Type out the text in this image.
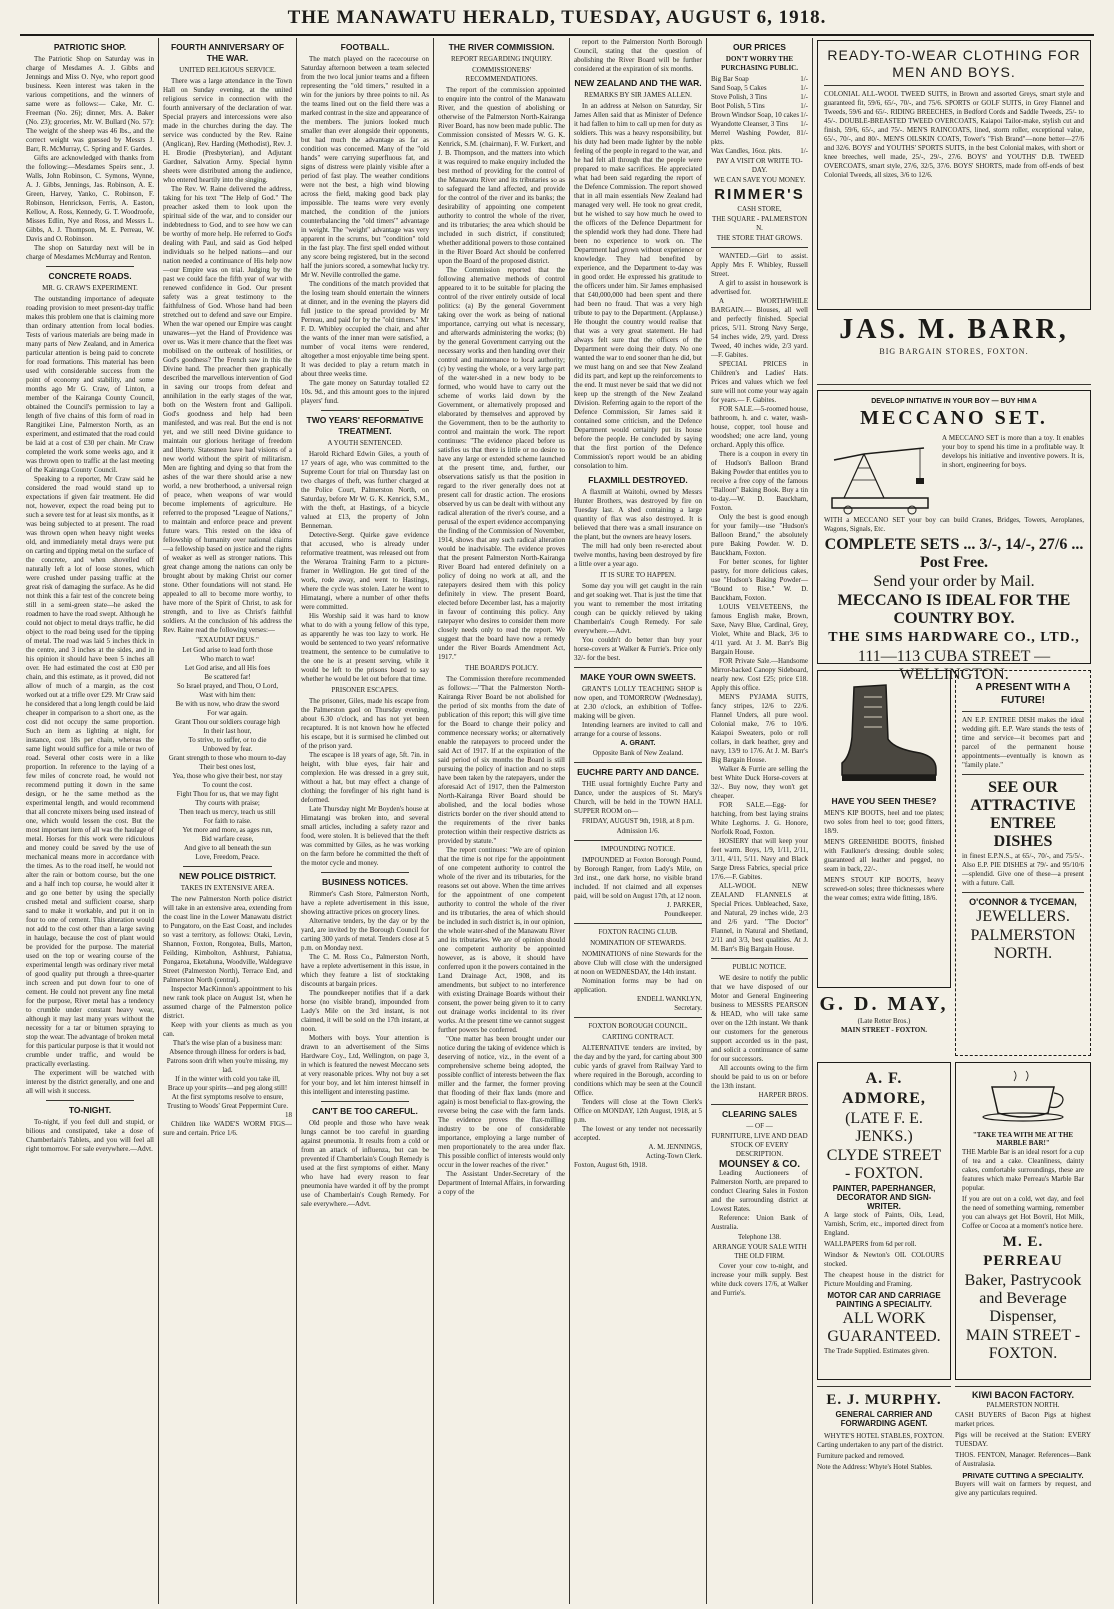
THE MANAWATU HERALD, TUESDAY, AUGUST 6, 1918.
PATRIOTIC SHOP.

The Patriotic Shop on Saturday was in charge of Mesdames A. J. Gibbs and Jennings and Miss O. Nye, who report good business. Keen interest was taken in the various competitions, and the winners of same were as follows:— Cake, Mr. C. Freeman (No. 26); dinner, Mrs. A. Baker (No. 23); groceries, Mr. W. Bullard (No. 57): The weight of the sheep was 46 lbs., and the correct weight was guessed by Messrs J. Barr, R. McMurray, C. Spring and F. Gardes.

Gifts are acknowledged with thanks from the following:—Mesdames Speirs senr., J. Walls, John Robinson, C. Symons, Wynne, A. J. Gibbs, Jennings, Jas. Robinson, A. E. Green, Harvey, Yanko, C. Robinson, F. Robinson, Henrickson, Ferris, A. Easton, Kellow, A. Ross, Kennedy, G. T. Woodroofe, Misses Edlin, Nye and Ross, and Messrs L. Gibbs, A. J. Thompson, M. E. Perreau, W. Davis and O. Robinson.

The shop on Saturday next will be in charge of Mesdames McMurray and Renton.

CONCRETE ROADS.
MR. G. CRAW'S EXPERIMENT.

The outstanding importance of adequate roading provision to meet present-day traffic makes this problem one that is claiming more than ordinary attention from local bodies. Tests of various materials are being made in many parts of New Zealand, and in America particular attention is being paid to concrete for road formations. This material has been used with considerable success from the point of economy and stability, and some months ago Mr G. Craw, of Linton, a member of the Kairanga County Council, obtained the Council's permission to lay a length of five chains of this form of road in Rangitikei Line, Palmerston North, as an experiment, and estimated that the road could be laid at a cost of £30 per chain. Mr Craw completed the work some weeks ago, and it was thrown open to traffic at the last meeting of the Kairanga County Council.

Speaking to a reporter, Mr Craw said he considered the road would stand up to expectations if given fair treatment. He did not, however, expect the road being put to such a severe test for at least six months, as it was being subjected to at present. The road was thrown open when heavy night weeks old, and immediately metal drays were put on carting and tipping metal on the surface of the concrete, and when shovelled off naturally left a lot of loose stones, which were crushed under passing traffic at the great risk of damaging the surface. As he did not think this a fair test of the concrete being still in a semi-green state—he asked the roadmen to have the road swept. Although he could not object to metal drays traffic, he did object to the road being used for the tipping of metal. The road was laid 5 inches thick in the centre, and 3 inches at the sides, and in his opinion it should have been 5 inches all over. He had estimated the cost at £30 per chain, and this estimate, as it proved, did not allow of much of a margin, as the cost worked out at a trifle over £29. Mr Craw said he considered that a long length could be laid cheaper in comparison to a short one, as the cost did not occupy the same proportion. Such an item as lighting at night, for instance, cost 18s per chain, whereas the same light would suffice for a mile or two of road. Several other costs were in a like proportion. In reference to the laying of a few miles of concrete road, he would not recommend putting it down in the same design, or he the same method as the experimental length, and would recommend that all concrete mixers being used instead of one, which would lessen the cost. But the most important item of all was the haulage of metal. Horses for this work were ridiculous and money could be saved by the use of mechanical means more in accordance with the times. As to the road itself, he would not alter the rain or bottom course, but the one and a half inch top course, he would alter it and go one better by using the specially crushed metal and sufficient coarse, sharp sand to make it workable, and put it on in four to one of cement. This alteration would not add to the cost other than a large saving in haulage, because the cost of plant would be provided for the purpose. The material used on the top or wearing course of the experimental length was ordinary river metal of good quality put through a three-quarter inch screen and put down four to one of cement. He could not prevent any fine metal for the purpose, River metal has a tendency to crumble under constant heavy wear, although it may last many years without the necessity for a tar or bitumen spraying to stop the wear. The advantage of broken metal for this particular purpose is that it would not crumble under traffic, and would be practically everlasting.

The experiment will be watched with interest by the district generally, and one and all will wish it success.

TO-NIGHT.

To-night, if you feel dull and stupid, or bilious and constipated, take a dose of Chamberlain's Tablets, and you will feel all right tomorrow. For sale everywhere.—Advt.

FOURTH ANNIVERSARY OF THE WAR.
UNITED RELIGIOUS SERVICE.

There was a large attendance in the Town Hall on Sunday evening, at the united religious service in connection with the fourth anniversary of the declaration of war. Special prayers and intercessions were also made in the churches during the day. The service was conducted by the Rev. Raine (Anglican), Rev. Harding (Methodist), Rev. J. H. Brodie (Presbyterian), and Adjutant Gardner, Salvation Army. Special hymn sheets were distributed among the audience, who entered heartily into the singing.

The Rev. W. Raine delivered the address, taking for his text "The Help of God." The preacher asked them to look upon the spiritual side of the war, and to consider our indebtedness to God, and to see how we can be worthy of more help. He referred to God's dealing with Paul, and said as God helped individuals so he helped nations—and our nation needed a continuance of His help now—our Empire was on trial. Judging by the past we could face the fifth year of war with renewed confidence in God. Our present safety was a great testimony to the faithfulness of God. Whose hand had been stretched out to defend and save our Empire. When the war opened our Empire was caught unawares—yet the Hand of Providence was over us. Was it mere chance that the fleet was mobilised on the outbreak of hostilities, or God's goodness? The French saw in this the Divine hand. The preacher then graphically described the marvellous intervention of God in saving our troops from defeat and annihilation in the early stages of the war, both on the Western front and Gallipoli. God's goodness and help had been manifested, and was real. But the end is not yet, and we still need Divine guidance to maintain our glorious heritage of freedom and liberty. Statesmen have had visions of a new world without the spirit of militarism. Men are fighting and dying so that from the ashes of the war there should arise a new world, a new brotherhood, a universal reign of peace, when weapons of war would become implements of agriculture. He referred to the proposed "League of Nations," to maintain and enforce peace and prevent future wars. This rested on the idea of fellowship of humanity over national claims—a fellowship based on justice and the rights of weaker as well as stronger nations. This great change among the nations can only be brought about by making Christ our corner stone. Other foundations will not stand. He appealed to all to become more worthy, to have more of the Spirit of Christ, to ask for strength, and to live as Christ's faithful soldiers. At the conclusion of his address the Rev. Raine read the following verses:—

"EXAUDIAT DEUS."

Let God arise to lead forth those

Who march to war!

Let God arise, and all His foes

Be scattered far!

So Israel prayed, and Thou, O Lord,

Wast with him then:

Be with us now, who draw the sword

For war again.

Grant Thou our soldiers courage high

In their last hour,

To strive, to suffer, or to die

Unbowed by fear.

Grant strength to those who mourn to-day

Their best ones lost,

Yea, those who give their best, nor stay

To count the cost.

Fight Thou for us, that we may fight

Thy courts with praise;

Then teach us mercy, teach us still

For faith to raise.

Yet more and more, as ages run,

Bid warfare cease,

And give to all beneath the sun

Love, Freedom, Peace.

NEW POLICE DISTRICT.
TAKES IN EXTENSIVE AREA.

The new Palmerston North police district will take in an extensive area, extending from the coast line in the Lower Manawatu district to Pungatoro, on the East Coast, and includes so vast a territory, as follows: Otaki, Levin, Shannon, Foxton, Rongotea, Bulls, Marton, Feilding, Kimbolton, Ashhurst, Pahiatua, Pongaroa, Eketahuna, Woodville, Waldegrave Street (Palmerston North), Terrace End, and Palmerston North (central).

Inspector MacKinnon's appointment to his new rank took place on August 1st, when he assumed charge of the Palmerston police district.

Keep with your clients as much as you can.

That's the wise plan of a business man:

Absence through illness for orders is bad,

Patrons soon drift when you're missing, my lad.

If in the winter with cold you take ill,

Brace up your spirits—and peg along still!

At the first symptoms resolve to ensure,

Trusting to Woods' Great Peppermint Cure.

18

Children like WADE'S WORM FIGS—sure and certain. Price 1/6.

FOOTBALL.

The match played on the racecourse on Saturday afternoon between a team selected from the two local junior teams and a fifteen representing the "old timers," resulted in a win for the juniors by three points to nil. As the teams lined out on the field there was a marked contrast in the size and appearance of the members. The juniors looked much smaller than ever alongside their opponents, but had much the advantage as far as condition was concerned. Many of the "old hands" were carrying superfluous fat, and signs of distress were plainly visible after a period of fast play. The weather conditions were not the best, a high wind blowing across the field, making good back play impossible. The teams were very evenly matched, the condition of the juniors counterbalancing the "old timers'" advantage in weight. The "weight" advantage was very apparent in the scrums, but "condition" told in the fast play. The first spell ended without any score being registered, but in the second half the juniors scored, a somewhat lucky try. Mr W. Neville controlled the game.

The conditions of the match provided that the losing team should entertain the winners at dinner, and in the evening the players did full justice to the spread provided by Mr Perreau, and paid for by the "old timers." Mr F. D. Whibley occupied the chair, and after the wants of the inner man were satisfied, a number of vocal items were rendered, altogether a most enjoyable time being spent. It was decided to play a return match in about three weeks time.

The gate money on Saturday totalled £2 10s. 9d., and this amount goes to the injured players' fund.

TWO YEARS' REFORMATIVE TREATMENT.
A YOUTH SENTENCED.

Harold Richard Edwin Giles, a youth of 17 years of age, who was committed to the Supreme Court for trial on Thursday last on two charges of theft, was further charged at the Police Court, Palmerston North, on Saturday, before Mr W. G. K. Kenrick, S.M., with the theft, at Hastings, of a bicycle valued at £13, the property of John Benneman.

Detective-Sergt. Quirke gave evidence that accused, who is already under reformative treatment, was released out from the Weraroa Training Farm to a picture-framer in Wellington. He got tired of the work, rode away, and went to Hastings, where the cycle was stolen. Later he went to Himatangi, where a number of other thefts were committed.

His Worship said it was hard to know what to do with a young fellow of this type, as apparently he was too lazy to work. He would be sentenced to two years' reformative treatment, the sentence to be cumulative to the one he is at present serving, while it would be left to the prisons board to say whether he would be let out before that time.

PRISONER ESCAPES.

The prisoner, Giles, made his escape from the Palmerston gaol on Thursday evening, about 6.30 o'clock, and has not yet been recaptured. It is not known how he effected his escape, but it is surmised he climbed out of the prison yard.

The escapee is 18 years of age, 5ft. 7in. in height, with blue eyes, fair hair and complexion. He was dressed in a grey suit, without a hat, but may effect a change of clothing; the forefinger of his right hand is deformed.

Late Thursday night Mr Boyden's house at Himatangi was broken into, and several small articles, including a safety razor and food, were stolen. It is believed that the theft was committed by Giles, as he was working on the farm before he committed the theft of the motor cycle and money.

BUSINESS NOTICES.

Rimmer's Cash Store, Palmerston North, have a replete advertisement in this issue, showing attractive prices on grocery lines.

Alternative tenders, by the day or by the yard, are invited by the Borough Council for carting 300 yards of metal. Tenders close at 5 p.m. on Monday next.

The C. M. Ross Co., Palmerston North, have a replete advertisement in this issue, in which they feature a list of stocktaking discounts at bargain prices.

The poundkeeper notifies that if a dark horse (no visible brand), impounded from Lady's Mile on the 3rd instant, is not claimed, it will be sold on the 17th instant, at noon.

Mothers with boys. Your attention is drawn to an advertisement of the Sims Hardware Coy., Ltd, Wellington, on page 3, in which is featured the newest Meccano sets at very reasonable prices. Why not buy a set for your boy, and let him interest himself in this intelligent and interesting pastime.

CAN'T BE TOO CAREFUL.

Old people and those who have weak lungs cannot be too careful in guarding against pneumonia. It results from a cold or from an attack of influenza, but can be prevented if Chamberlain's Cough Remedy is used at the first symptoms of either. Many who have had every reason to fear pneumonia have warded it off by the prompt use of Chamberlain's Cough Remedy. For sale everywhere.—Advt.

THE RIVER COMMISSION.
REPORT REGARDING INQUIRY.
COMMISSIONERS' RECOMMENDATIONS.

The report of the commission appointed to enquire into the control of the Manawatu River, and the question of abolishing or otherwise of the Palmerston North-Kairanga River Board, has now been made public. The Commission consisted of Messrs W. G. K. Kenrick, S.M. (chairman), F. W. Furkert, and J. B. Thompson, and the matters into which it was required to make enquiry included the best method of providing for the control of the Manawatu River and its tributaries so as to safeguard the land affected, and provide for the control of the river and its banks; the desirability of appointing one competent authority to control the whole of the river, and its tributaries; the area which should be included in such district, if constituted; whether additional powers to those contained in the River Board Act should be conferred upon the Board of the proposed district.

The Commission reported that the following alternative methods of control appeared to it to be suitable for placing the control of the river entirely outside of local politics: (a) By the general Government taking over the work as being of national importance, carrying out what is necessary, and afterwards administering the works; (b) by the general Government carrying out the necessary works and then handing over their control and maintenance to local authority; (c) by vesting the whole, or a very large part of the water-shed in a new body to be formed, who would have to carry out the scheme of works laid down by the Government, or alternatively proposed and elaborated by themselves and approved by the Government, then to be the authority to control and maintain the work. The report continues: "The evidence placed before us satisfies us that there is little or no desire to have any large or extended scheme launched at the present time, and, further, our observations satisfy us that the position in regard to the river generally does not at present call for drastic action. The erosions observed by us can be dealt with without any radical alteration of the river's course, and a perusal of the expert evidence accompanying the finding of the Commission of November, 1914, shows that any such radical alteration would be inadvisable. The evidence proves that the present Palmerston North-Kairanga River Board had entered definitely on a policy of doing no work at all, and the ratepayers desired them with this policy definitely in view. The present Board, elected before December last, has a majority in favour of continuing this policy. Any ratepayer who desires to consider them more closely needs only to read the report. We suggest that the board have now a remedy under the River Boards Amendment Act, 1917."

THE BOARD'S POLICY.

The Commission therefore recommended as follows:—"That the Palmerston North-Kairanga River Board be not abolished for the period of six months from the date of publication of this report; this will give time for the Board to change their policy and commence necessary works; or alternatively enable the ratepayers to proceed under the said Act of 1917. If at the expiration of the said period of six months the Board is still pursuing the policy of inaction and no steps have been taken by the ratepayers, under the aforesaid Act of 1917, then the Palmerston North-Kairanga River Board should be abolished, and the local bodies whose districts border on the river should attend to the requirements of the river banks protection within their respective districts as provided by statute."

The report continues: "We are of opinion that the time is not ripe for the appointment of one competent authority to control the whole of the river and its tributaries, for the reasons set out above. When the time arrives for the appointment of one competent authority to control the whole of the river and its tributaries, the area of which should be included in such district is, in our opinion, the whole water-shed of the Manawatu River and its tributaries. We are of opinion should one competent authority be appointed however, as is above, it should have conferred upon it the powers contained in the Land Drainage Act, 1908, and its amendments, but subject to no interference with existing Drainage Boards without their consent, the power being given to it to carry out drainage works incidental to its river works. At the present time we cannot suggest further powers be conferred.

"One matter has been brought under our notice during the taking of evidence which is deserving of notice, viz., in the event of a comprehensive scheme being adopted, the possible conflict of interests between the flax miller and the farmer, the former proving that flooding of their flax lands (more and again) is most beneficial to flax-growing, the reverse being the case with the farm lands. The evidence proves the flax-milling industry to be one of considerable importance, employing a large number of men proportionately to the area under flax. This possible conflict of interests would only occur in the lower reaches of the river."

The Assistant Under-Secretary of the Department of Internal Affairs, in forwarding a copy of the

report to the Palmerston North Borough Council, stating that the question of abolishing the River Board will be further considered at the expiration of six months.

NEW ZEALAND AND THE WAR.
REMARKS BY SIR JAMES ALLEN.

In an address at Nelson on Saturday, Sir James Allen said that as Minister of Defence it had fallen to him to call up men for duty as soldiers. This was a heavy responsibility, but his duty had been made lighter by the noble feeling of the people in regard to the war, and he had felt all through that the people were prepared to make sacrifices. He appreciated what had been said regarding the report of the Defence Commission. The report showed that in all main essentials New Zealand had managed very well. He took no great credit, but he wished to say how much he owed to the officers of the Defence Department for the splendid work they had done. There had been no experience to work on. The Department had grown without experience or knowledge. They had benefited by experience, and the Department to-day was in good order. He expressed his gratitude to the officers under him. Sir James emphasised that £40,000,000 had been spent and there had been no fraud. That was a very high tribute to pay to the Department. (Applause.) He thought the country would realise that that was a very great statement. He had always felt sure that the officers of the Department were doing their duty. No one wanted the war to end sooner than he did, but we must hang on and see that New Zealand did its part, and kept up the reinforcements to the end. It must never be said that we did not keep up the strength of the New Zealand Division. Referring again to the report of the Defence Commission, Sir James said it contained some criticism, and the Defence Department would certainly put its house before the people. He concluded by saying that the first portion of the Defence Commission's report would be an abiding consolation to him.

FLAXMILL DESTROYED.

A flaxmill at Waitohi, owned by Messrs Hunter Brothers, was destroyed by fire on Tuesday last. A shed containing a large quantity of flax was also destroyed. It is believed that there was a small insurance on the plant, but the owners are heavy losers.

The mill had only been re-erected about twelve months, having been destroyed by fire a little over a year ago.

IT IS SURE TO HAPPEN.

Some day you will get caught in the rain and get soaking wet. That is just the time that you want to remember the most irritating cough can be quickly relieved by taking Chamberlain's Cough Remedy. For sale everywhere.—Advt.

You couldn't do better than buy your horse-covers at Walker & Furrie's. Price only 32/- for the best.

MAKE YOUR OWN SWEETS.

GRANT'S LOLLY TEACHING SHOP is now open, and TOMORROW (Wednesday), at 2.30 o'clock, an exhibition of Toffee-making will be given.

Intending learners are invited to call and arrange for a course of lessons.

A. GRANT.
Opposite Bank of New Zealand.
EUCHRE PARTY AND DANCE.

THE usual fortnightly Euchre Party and Dance, under the auspices of St. Mary's Church, will be held in the TOWN HALL SUPPER ROOM on—

FRIDAY, AUGUST 9th, 1918, at 8 p.m.
Admission 1/6.
IMPOUNDING NOTICE.

IMPOUNDED at Foxton Borough Pound, by Borough Ranger, from Lady's Mile, on 3rd inst., one dark horse, no visible brand included. If not claimed and all expenses paid, will be sold on August 17th, at 12 noon.

J. PARKER,
Poundkeeper.
FOXTON RACING CLUB.
NOMINATION OF STEWARDS.

NOMINATIONS of nine Stewards for the above Club will close with the undersigned at noon on WEDNESDAY, the 14th instant.

Nomination forms may be had on application.

ENDELL WANKLYN,
Secretary.
FOXTON BOROUGH COUNCIL.
CARTING CONTRACT.

ALTERNATIVE tenders are invited, by the day and by the yard, for carting about 300 cubic yards of gravel from Railway Yard to where required in the Borough, according to conditions which may be seen at the Council Office.

Tenders will close at the Town Clerk's Office on MONDAY, 12th August, 1918, at 5 p.m.

The lowest or any tender not necessarily accepted.

A. M. JENNINGS,
Acting-Town Clerk.
Foxton, August 6th, 1918.
OUR PRICES
DON'T WORRY THE PURCHASING PUBLIC.
Big Bar Soap	1/-
Sand Soap, 5 Cakes	1/-
Stove Polish, 3 Tins	1/-
Boot Polish, 5 Tins	1/-
Brown Windsor Soap, 10 cakes 1/-
Wyandotte Cleanser, 3 Tins 1/-
Merrel Washing Powder, 8 pkts.
1/-
Wax Candles, 16oz. pkts.	1/-
PAY A VISIT OR WRITE TO-DAY.
WE CAN SAVE YOU MONEY.
RIMMER'S
CASH STORE,
THE SQUARE - PALMERSTON N.
THE STORE THAT GROWS.

WANTED.—Girl to assist. Apply Mrs F. Whibley, Russell Street.

A girl to assist in housework is advertised for.

A WORTHWHILE BARGAIN.— Blouses, all well and perfectly finished. Special prices, 5/11. Strong Navy Serge, 54 inches wide, 2/9, yard. Dress Tweed, 40 inches wide, 2/3 yard.—F. Gabites.

SPECIAL PRICES in Children's and Ladies' Hats. Prices and values which we feel sure will not come your way again for years.— F. Gabites.

FOR SALE.—5-roomed house, bathroom, h. and c. water, wash-house, copper, tool house and woodshed; one acre land, young orchard. Apply this office.

There is a coupon in every tin of Hudson's Balloon Brand Baking Powder that entitles you to receive a free copy of the famous "Balloon" Baking Book. Buy a tin to-day.—W. D. Bauckham, Foxton.

Only the best is good enough for your family—use "Hudson's Balloon Brand," the absolutely pure Baking Powder. W. D. Bauckham, Foxton.

For better scones, for lighter pastry, for more delicious cakes, use "Hudson's Baking Powder— "Bound to Rise." W. D. Bauckham, Foxton.

LOUIS VELVETEENS, the famous English make, Brown, Saxe, Navy Blue, Cardinal, Grey, Violet, White and Black, 3/6 to 4/11 yard. At J. M. Barr's Big Bargain House.

FOR Private Sale.—Handsome Mirror-backed Canopy Sideboard, nearly new. Cost £25; price £18. Apply this office.

MEN'S PYJAMA SUITS, fancy stripes, 12/6 to 22/6. Flannel Unders, all pure wool. Colonial make, 7/6 to 10/6. Kaiapoi Sweaters, polo or roll collars, in dark heather, grey and navy, 13/9 to 17/6. At J. M. Barr's Big Bargain House.

Walker & Furrie are selling the best White Duck Horse-covers at 32/-. Buy now, they won't get cheaper.

FOR SALE.—Egg- for hatching, from best laying strains White Leghorns. J. G. Honore, Norfolk Road, Foxton.

HOSIERY that will keep your feet warm. Boys, 1/9, 1/11, 2/11, 3/11, 4/11, 5/11. Navy and Black Sarge Dress Fabrics, special price 17/6.—F. Gabites.

ALL-WOOL NEW ZEALAND FLANNELS at Special Prices. Unbleached, Saxe, and Natural, 29 inches wide, 2/3 and 2/6 yard. "The Doctor" Flannel, in Natural and Shetland, 2/11 and 3/3, best qualities. At J. M. Barr's Big Bargain House.

PUBLIC NOTICE.

WE desire to notify the public that we have disposed of our Motor and General Engineering business to MESSRS PEARSON & HEAD, who will take same over on the 12th instant. We thank our customers for the generous support accorded us in the past, and solicit a continuance of same for our successors.

All accounts owing to the firm should be paid to us on or before the 13th instant.

HARPER BROS.
CLEARING SALES
— OF —
FURNITURE, LIVE AND DEAD STOCK OF EVERY DESCRIPTION.
MOUNSEY & CO.

Leading Auctioneers of Palmerston North, are prepared to conduct Clearing Sales in Foxton and the surrounding district at Lowest Rates.

Reference: Union Bank of Australia.

Telephone 138.
ARRANGE YOUR SALE WITH THE OLD FIRM.

Cover your cow to-night, and increase your milk supply. Best white duck covers 17/6, at Walker and Furrie's.

READY-TO-WEAR CLOTHING FOR MEN AND BOYS.

COLONIAL ALL-WOOL TWEED SUITS, in Brown and assorted Greys, smart style and guaranteed fit, 59/6, 65/-, 70/-, and 75/6. SPORTS or GOLF SUITS, in Grey Flannel and Tweeds, 59/6 and 65/-. RIDING BREECHES, in Bedford Cords and Saddle Tweeds, 25/- to 45/-. DOUBLE-BREASTED TWEED OVERCOATS, Kaiapoi Tailor-make, stylish cut and finish, 59/6, 65/-, and 75/-. MEN'S RAINCOATS, lined, storm roller, exceptional value, 65/-, 70/-, and 80/-. MEN'S OILSKIN COATS, Tower's "Fish Brand"—none better—27/6 and 32/6. BOYS' and YOUTHS' SPORTS SUITS, in the best Colonial makes, with short or knee breeches, well made, 25/-, 29/-, 27/6. BOYS' and YOUTHS' D.B. TWEED OVERCOATS, smart style, 27/6, 32/5, 37/6. BOYS' SHORTS, made from off-ends of best Colonial Tweeds, all sizes, 3/6 to 12/6.

JAS. M. BARR,
BIG BARGAIN STORES, FOXTON.
DEVELOP INITIATIVE IN YOUR BOY — BUY HIM A
MECCANO SET.

A MECCANO SET is more than a toy. It enables your boy to spend his time in a profitable way. It develops his initiative and inventive powers. It is, in short, engineering for boys.

WITH a MECCANO SET your boy can build Cranes, Bridges, Towers, Aeroplanes, Wagons, Signals, Etc.

COMPLETE SETS ... 3/-, 14/-, 27/6 ... Post Free.
Send your order by Mail.
MECCANO IS IDEAL FOR THE COUNTRY BOY.
THE SIMS HARDWARE CO., LTD.,
111—113 CUBA STREET — WELLINGTON.
HAVE YOU SEEN THESE?

MEN'S KIP BOOTS, heel and toe plates; two soles from heel to toe; good fitters, 18/9.

MEN'S GREENHIDE BOOTS, finished with Faulkner's dressing; double soles; guaranteed all leather and pegged, no seam in back, 22/-.

MEN'S STOUT KIP BOOTS, heavy screwed-on soles; three thicknesses where the wear comes; extra wide fitting, 18/6.

G. D. MAY,
(Late Retter Bros.)
MAIN STREET - FOXTON.
A PRESENT WITH A FUTURE!

AN E.P. ENTREE DISH makes the ideal wedding gift. E.P. Ware stands the tests of time and service—it becomes part and parcel of the permanent house appointments—eventually is known as "family plate."

SEE OUR ATTRACTIVE ENTREE DISHES

in finest E.P.N.S., at 65/-, 70/-, and 75/5/-. Also E.P. PIE DISHES at 79/- and 95/10/6—splendid. Give one of these—a present with a future. Call.

O'CONNOR & TYCEMAN,
JEWELLERS.
PALMERSTON NORTH.
A. F. ADMORE,
(LATE F. E. JENKS.)
CLYDE STREET - FOXTON.
PAINTER, PAPERHANGER, DECORATOR AND SIGN-WRITER.

A large stock of Paints, Oils, Lead, Varnish, Scrim, etc., imported direct from England.

WALLPAPERS from 6d per roll.

Windsor & Newton's OIL COLOURS stocked.

The cheapest house in the district for Picture Moulding and Framing.

MOTOR CAR AND CARRIAGE PAINTING A SPECIALITY.
ALL WORK GUARANTEED.

The Trade Supplied. Estimates given.

"TAKE TEA WITH ME AT THE MARBLE BAR!"

THE Marble Bar is an ideal resort for a cup of tea and a cake. Cleanliness, dainty cakes, comfortable surroundings, these are features which make Perreau's Marble Bar popular.

If you are out on a cold, wet day, and feel the need of something warming, remember you can always get Hot Bovril, Hot Milk, Coffee or Cocoa at a moment's notice here.

M. E. PERREAU
Baker, Pastrycook and Beverage Dispenser,
MAIN STREET - FOXTON.
E. J. MURPHY.
GENERAL CARRIER AND FORWARDING AGENT.
WHYTE'S HOTEL STABLES, FOXTON.

Carting undertaken to any part of the district.

Furniture packed and removed.

Note the Address: Whyte's Hotel Stables.

KIWI BACON FACTORY.
PALMERSTON NORTH.

CASH BUYERS of Bacon Pigs at highest market prices.

Pigs will be received at the Station: EVERY TUESDAY.

THOS. FENTON, Manager. References—Bank of Australasia.

PRIVATE CUTTING A SPECIALITY.

Buyers will wait on farmers by request, and give any particulars required.
